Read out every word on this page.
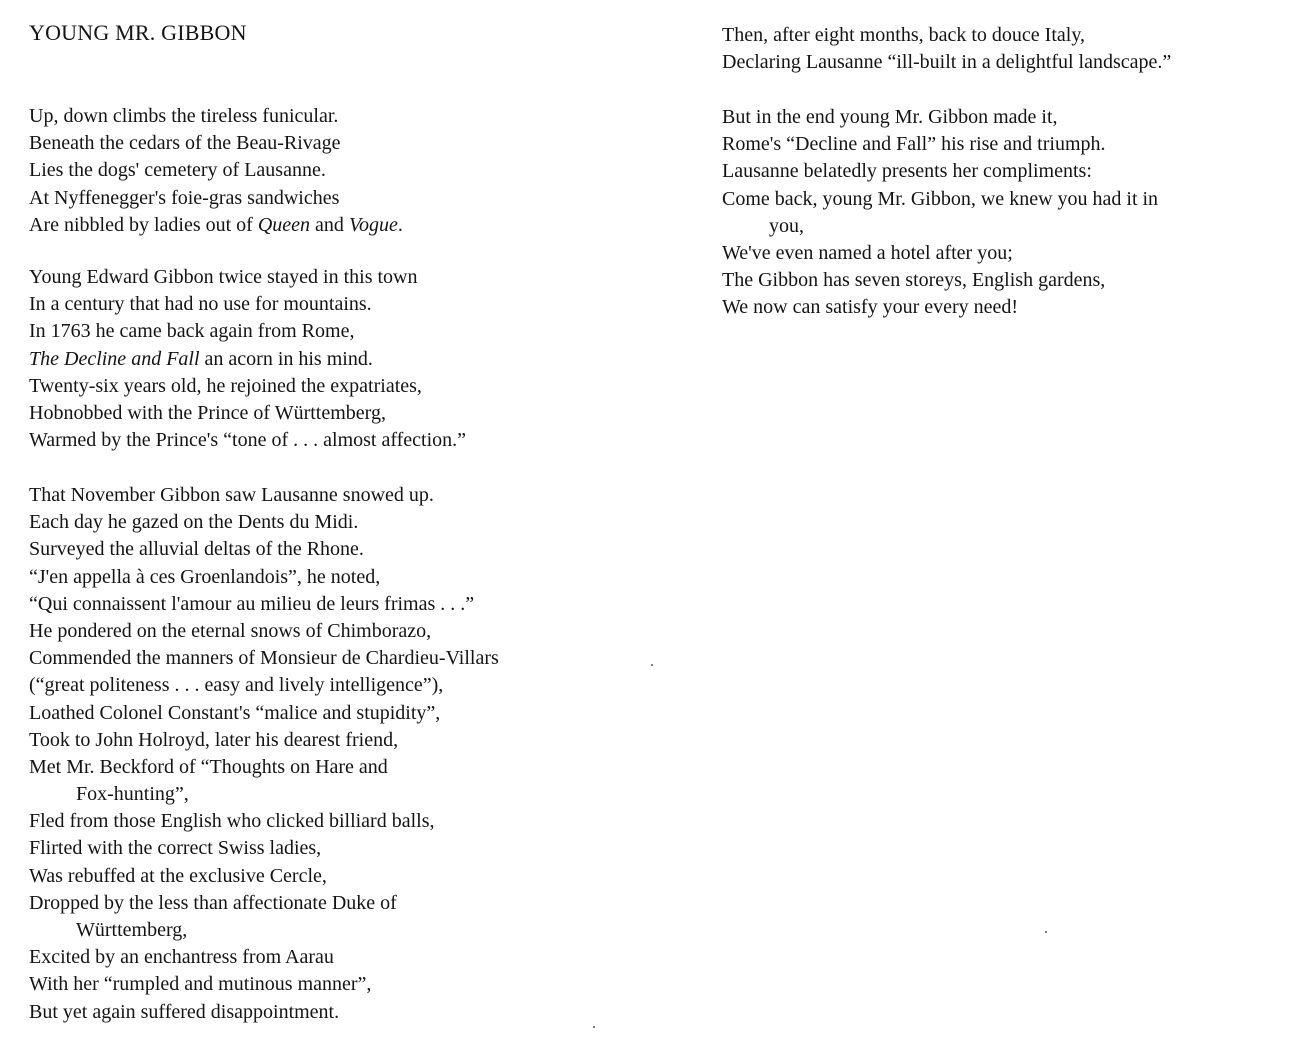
YOUNG MR. GIBBON
Up, down climbs the tireless funicular.
Beneath the cedars of the Beau-Rivage
Lies the dogs' cemetery of Lausanne.
At Nyffenegger's foie-gras sandwiches
Are nibbled by ladies out of Queen and Vogue.
Young Edward Gibbon twice stayed in this town
In a century that had no use for mountains.
In 1763 he came back again from Rome,
The Decline and Fall an acorn in his mind.
Twenty-six years old, he rejoined the expatriates,
Hobnobbed with the Prince of Württemberg,
Warmed by the Prince's “tone of . . . almost affection.”
That November Gibbon saw Lausanne snowed up.
Each day he gazed on the Dents du Midi.
Surveyed the alluvial deltas of the Rhone.
“J'en appella à ces Groenlandois”, he noted,
“Qui connaissent l'amour au milieu de leurs frimas . . .”
He pondered on the eternal snows of Chimborazo,
Commended the manners of Monsieur de Chardieu-Villars
(“great politeness . . . easy and lively intelligence”),
Loathed Colonel Constant's “malice and stupidity”,
Took to John Holroyd, later his dearest friend,
Met Mr. Beckford of “Thoughts on Hare and
Fox-hunting”,
Fled from those English who clicked billiard balls,
Flirted with the correct Swiss ladies,
Was rebuffed at the exclusive Cercle,
Dropped by the less than affectionate Duke of
Württemberg,
Excited by an enchantress from Aarau
With her “rumpled and mutinous manner”,
But yet again suffered disappointment.
Then, after eight months, back to douce Italy,
Declaring Lausanne “ill-built in a delightful landscape.”
But in the end young Mr. Gibbon made it,
Rome's “Decline and Fall” his rise and triumph.
Lausanne belatedly presents her compliments:
Come back, young Mr. Gibbon, we knew you had it in
you,
We've even named a hotel after you;
The Gibbon has seven storeys, English gardens,
We now can satisfy your every need!
